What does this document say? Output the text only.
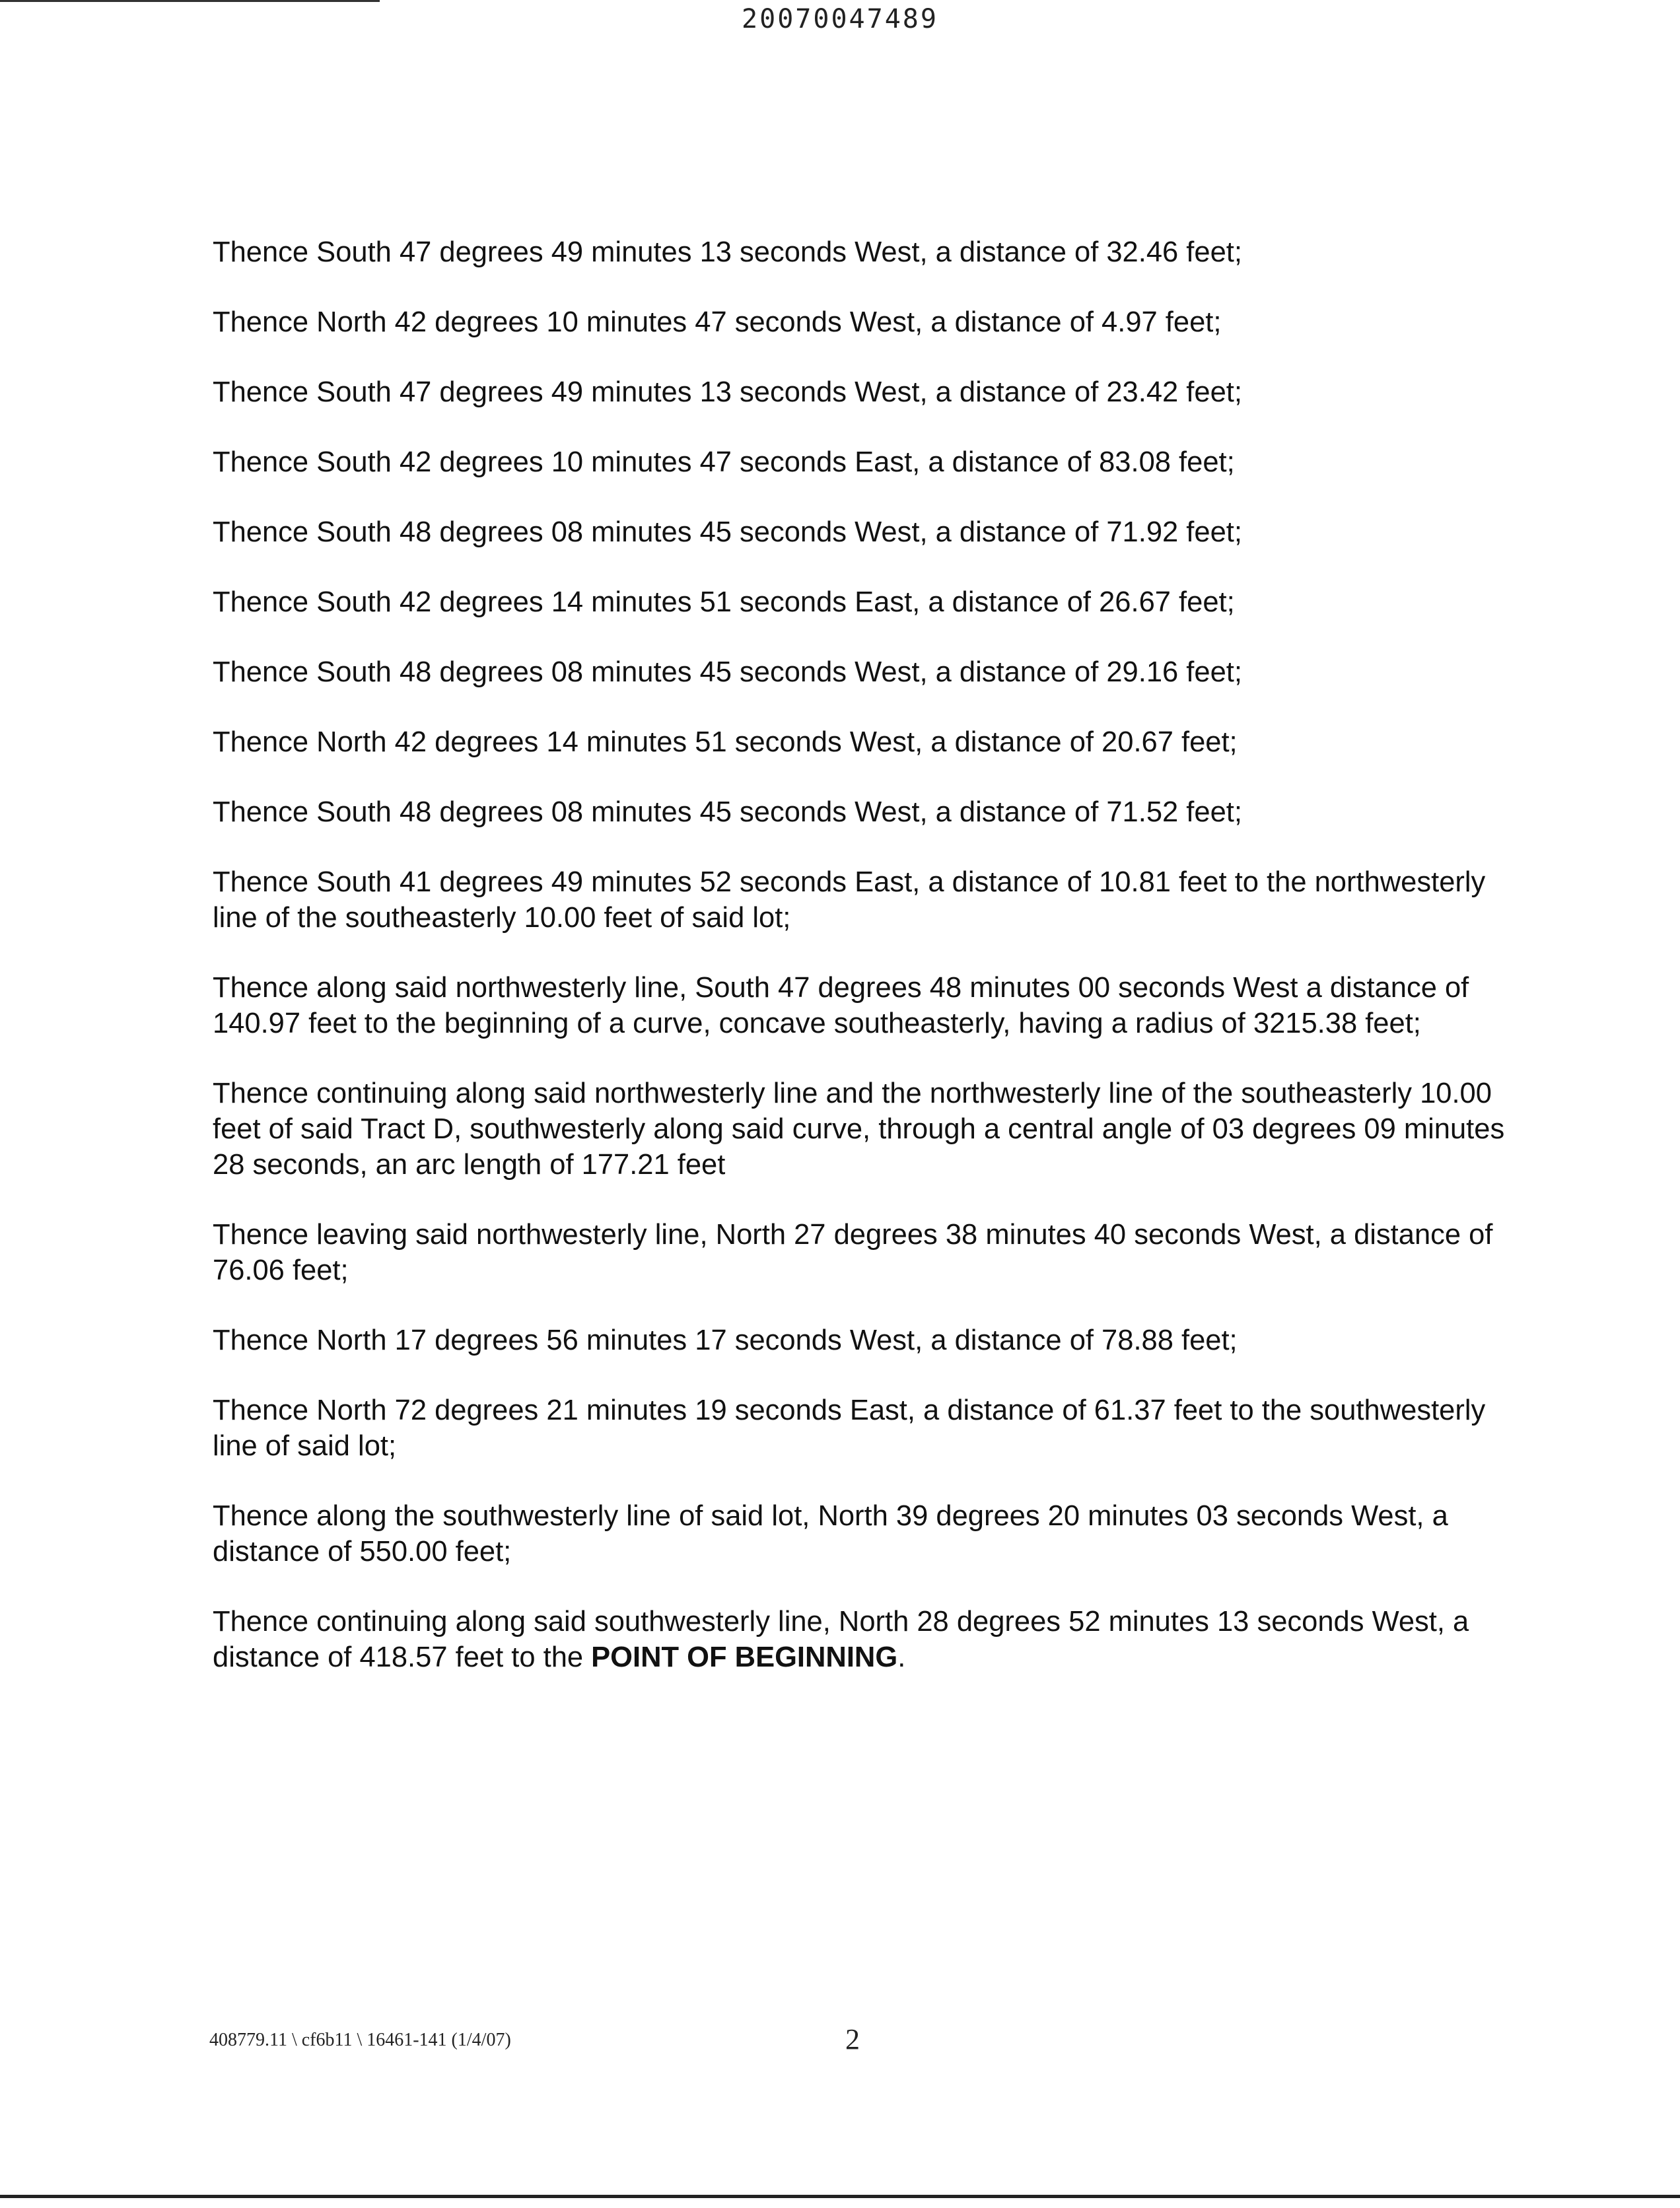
20070047489

Thence South 47 degrees 49 minutes 13 seconds West, a distance of 32.46 feet;

Thence North 42 degrees 10 minutes 47 seconds West, a distance of 4.97 feet;

Thence South 47 degrees 49 minutes 13 seconds West, a distance of 23.42 feet;

Thence South 42 degrees 10 minutes 47 seconds East, a distance of 83.08 feet;

Thence South 48 degrees 08 minutes 45 seconds West, a distance of 71.92 feet;

Thence South 42 degrees 14 minutes 51 seconds East, a distance of 26.67 feet;

Thence South 48 degrees 08 minutes 45 seconds West, a distance of 29.16 feet;

Thence North 42 degrees 14 minutes 51 seconds West, a distance of 20.67 feet;

Thence South 48 degrees 08 minutes 45 seconds West, a distance of 71.52 feet;

Thence South 41 degrees 49 minutes 52 seconds East, a distance of 10.81 feet to the northwesterly line of the southeasterly 10.00 feet of said lot;

Thence along said northwesterly line, South 47 degrees 48 minutes 00 seconds West a distance of 140.97 feet to the beginning of a curve, concave southeasterly, having a radius of 3215.38 feet;

Thence continuing along said northwesterly line and the northwesterly line of the southeasterly 10.00 feet of said Tract D, southwesterly along said curve, through a central angle of 03 degrees 09 minutes 28 seconds, an arc length of 177.21 feet

Thence leaving said northwesterly line, North 27 degrees 38 minutes 40 seconds West, a distance of 76.06 feet;

Thence North 17 degrees 56 minutes 17 seconds West, a distance of 78.88 feet;

Thence North 72 degrees 21 minutes 19 seconds East, a distance of 61.37 feet to the southwesterly line of said lot;

Thence along the southwesterly line of said lot, North 39 degrees 20 minutes 03 seconds West, a distance of 550.00 feet;

Thence continuing along said southwesterly line, North 28 degrees 52 minutes 13 seconds West, a distance of 418.57 feet to the POINT OF BEGINNING.

408779.11 \ cf6b11 \ 16461-141 (1/4/07)	2
